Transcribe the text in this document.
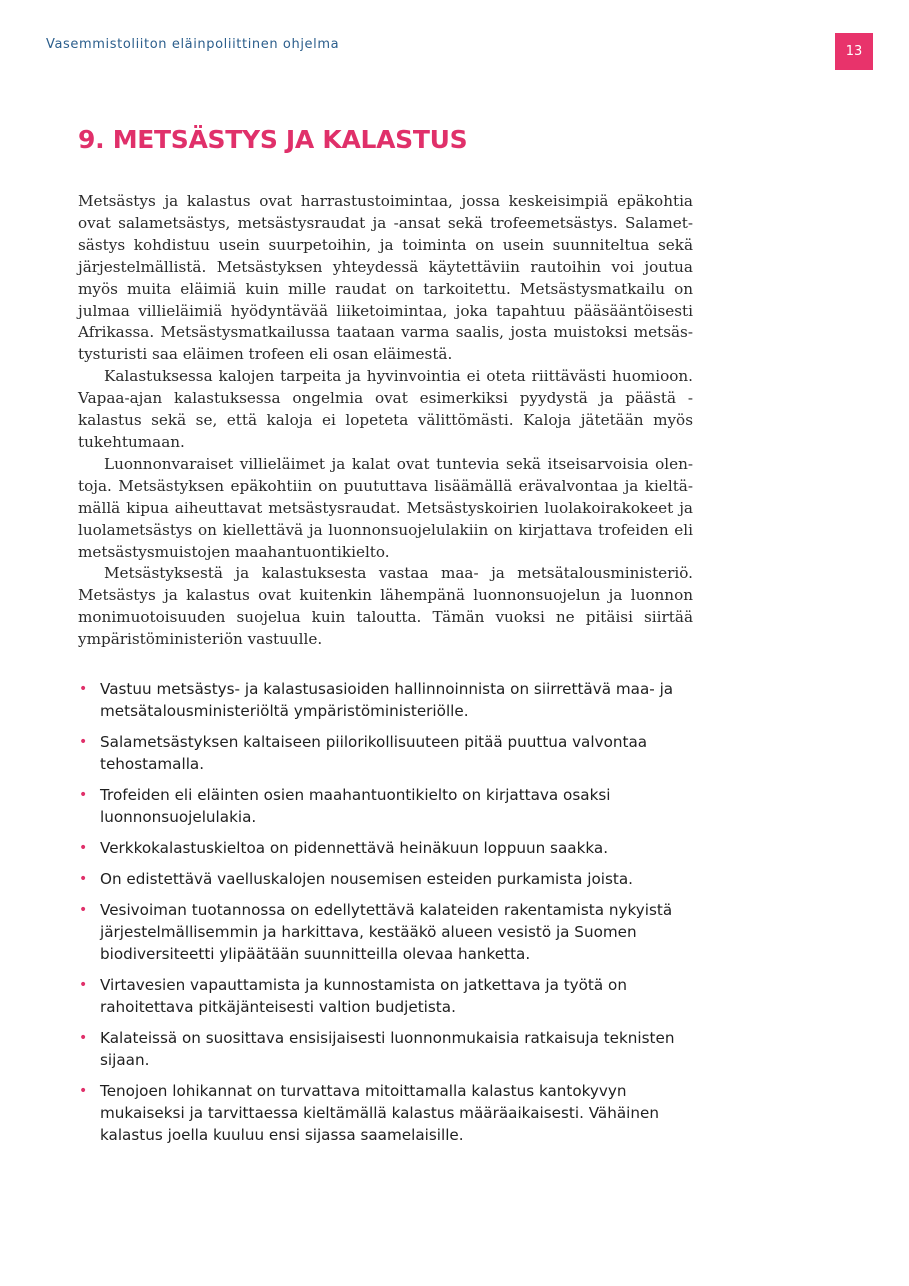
Vasemmistoliiton eläinpoliittinen ohjelma	13
9. METSÄSTYS JA KALASTUS

Metsästys ja kalastus ovat harrastustoimintaa, jossa keskeisimpiä epäkohtia ovat salametsästys, metsästysraudat ja -ansat sekä trofeemetsästys. Salametsästys kohdistuu usein suurpetoihin, ja toiminta on usein suunniteltua sekä järjestelmällistä. Metsästyksen yhteydessä käytettäviin rautoihin voi joutua myös muita eläimiä kuin mille raudat on tarkoitettu. Metsästysmatkailu on julmaa villieläimiä hyödyntävää liiketoimintaa, joka tapahtuu pääsääntöisesti Afrikassa. Metsästysmatkailussa taataan varma saalis, josta muistoksi metsästysturisti saa eläimen trofeen eli osan eläimestä.

Kalastuksessa kalojen tarpeita ja hyvinvointia ei oteta riittävästi huomioon. Vapaa-ajan kalastuksessa ongelmia ovat esimerkiksi pyydystä ja päästä -kalastus sekä se, että kaloja ei lopeteta välittömästi. Kaloja jätetään myös tukehtumaan.

Luonnonvaraiset villieläimet ja kalat ovat tuntevia sekä itseisarvoisia olentoja. Metsästyksen epäkohtiin on puututtava lisäämällä erävalvontaa ja kieltämällä kipua aiheuttavat metsästysraudat. Metsästyskoirien luolakoirakokeet ja luolametsästys on kiellettävä ja luonnonsuojelulakiin on kirjattava trofeiden eli metsästysmuistojen maahantuontikielto.

Metsästyksestä ja kalastuksesta vastaa maa- ja metsätalousministeriö. Metsästys ja kalastus ovat kuitenkin lähempänä luonnonsuojelun ja luonnon monimuotoisuuden suojelua kuin taloutta. Tämän vuoksi ne pitäisi siirtää ympäristöministeriön vastuulle.

• Vastuu metsästys- ja kalastusasioiden hallinnoinnista on siirrettävä maa- ja metsätalousministeriöltä ympäristöministeriölle.
• Salametsästyksen kaltaiseen piilorikollisuuteen pitää puuttua valvontaa tehostamalla.
• Trofeiden eli eläinten osien maahantuontikielto on kirjattava osaksi luonnonsuojelulakia.
• Verkkokalastuskieltoa on pidennettävä heinäkuun loppuun saakka.
• On edistettävä vaelluskalojen nousemisen esteiden purkamista joista.
• Vesivoiman tuotannossa on edellytettävä kalateiden rakentamista nykyistä järjestelmällisemmin ja harkittava, kestääkö alueen vesistö ja Suomen biodiversiteetti ylipäätään suunnitteilla olevaa hanketta.
• Virtavesien vapauttamista ja kunnostamista on jatkettava ja työtä on rahoitettava pitkäjänteisesti valtion budjetista.
• Kalateissä on suosittava ensisijaisesti luonnonmukaisia ratkaisuja teknisten sijaan.
• Tenojoen lohikannat on turvattava mitoittamalla kalastus kantokyvyn mukaiseksi ja tarvittaessa kieltämällä kalastus määräaikaisesti. Vähäinen kalastus joella kuuluu ensi sijassa saamelaisille.
